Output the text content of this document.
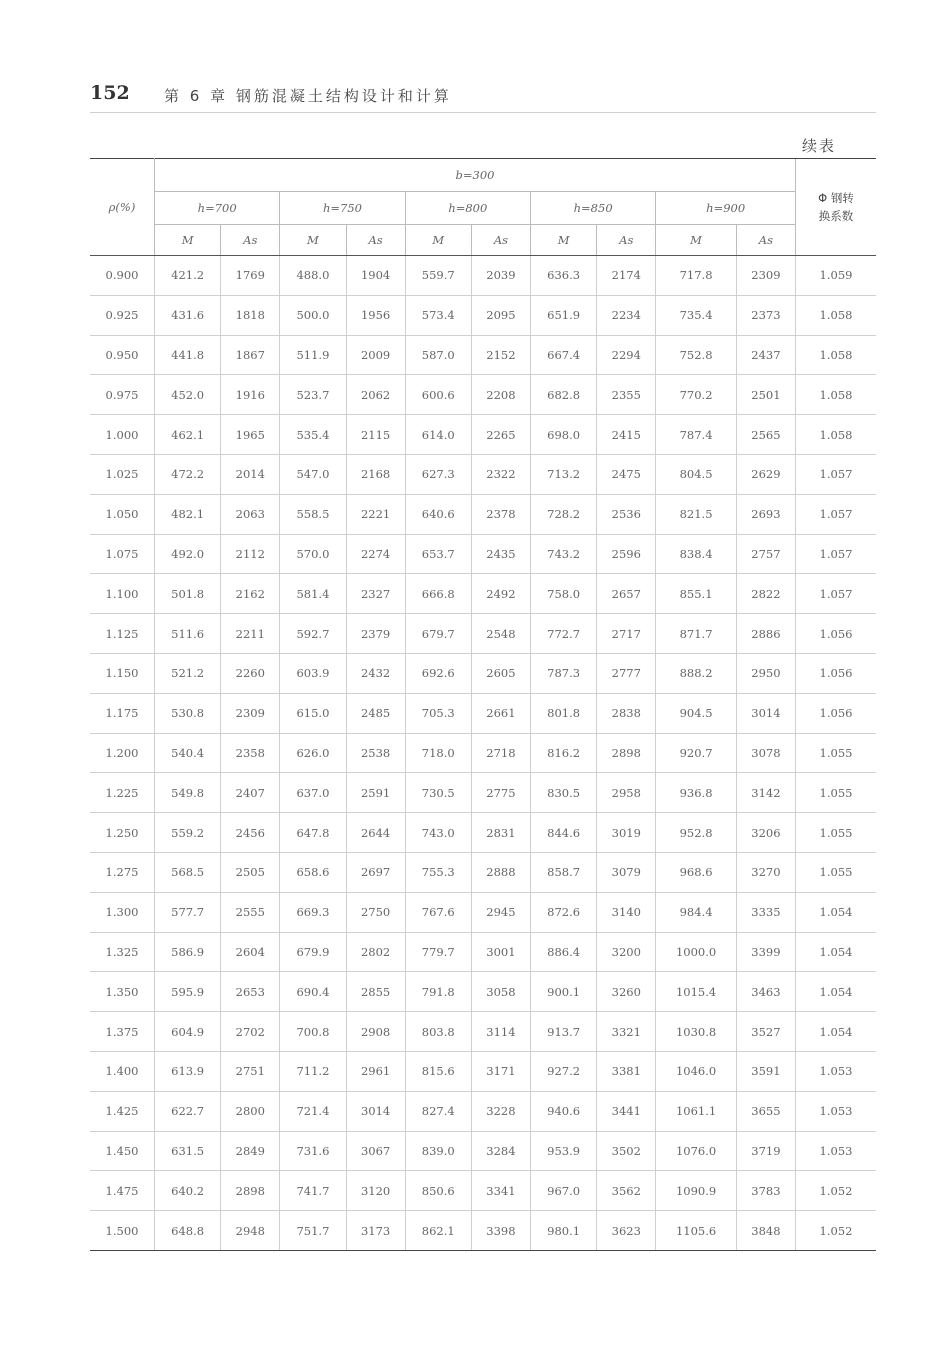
152 第 6 章 钢筋混凝土结构设计和计算
续表
ρ(%)	b=300										Φ 钢转
换系数

	h=700		h=750		h=800		h=850		h=900		
	M	As	M	As	M	As	M	As	M	As	
0.900	421.2	1769	488.0	1904	559.7	2039	636.3	2174	717.8	2309	1.059
0.925	431.6	1818	500.0	1956	573.4	2095	651.9	2234	735.4	2373	1.058
0.950	441.8	1867	511.9	2009	587.0	2152	667.4	2294	752.8	2437	1.058
0.975	452.0	1916	523.7	2062	600.6	2208	682.8	2355	770.2	2501	1.058
1.000	462.1	1965	535.4	2115	614.0	2265	698.0	2415	787.4	2565	1.058
1.025	472.2	2014	547.0	2168	627.3	2322	713.2	2475	804.5	2629	1.057
1.050	482.1	2063	558.5	2221	640.6	2378	728.2	2536	821.5	2693	1.057
1.075	492.0	2112	570.0	2274	653.7	2435	743.2	2596	838.4	2757	1.057
1.100	501.8	2162	581.4	2327	666.8	2492	758.0	2657	855.1	2822	1.057
1.125	511.6	2211	592.7	2379	679.7	2548	772.7	2717	871.7	2886	1.056
1.150	521.2	2260	603.9	2432	692.6	2605	787.3	2777	888.2	2950	1.056
1.175	530.8	2309	615.0	2485	705.3	2661	801.8	2838	904.5	3014	1.056
1.200	540.4	2358	626.0	2538	718.0	2718	816.2	2898	920.7	3078	1.055
1.225	549.8	2407	637.0	2591	730.5	2775	830.5	2958	936.8	3142	1.055
1.250	559.2	2456	647.8	2644	743.0	2831	844.6	3019	952.8	3206	1.055
1.275	568.5	2505	658.6	2697	755.3	2888	858.7	3079	968.6	3270	1.055
1.300	577.7	2555	669.3	2750	767.6	2945	872.6	3140	984.4	3335	1.054
1.325	586.9	2604	679.9	2802	779.7	3001	886.4	3200	1000.0	3399	1.054
1.350	595.9	2653	690.4	2855	791.8	3058	900.1	3260	1015.4	3463	1.054
1.375	604.9	2702	700.8	2908	803.8	3114	913.7	3321	1030.8	3527	1.054
1.400	613.9	2751	711.2	2961	815.6	3171	927.2	3381	1046.0	3591	1.053
1.425	622.7	2800	721.4	3014	827.4	3228	940.6	3441	1061.1	3655	1.053
1.450	631.5	2849	731.6	3067	839.0	3284	953.9	3502	1076.0	3719	1.053
1.475	640.2	2898	741.7	3120	850.6	3341	967.0	3562	1090.9	3783	1.052
1.500	648.8	2948	751.7	3173	862.1	3398	980.1	3623	1105.6	3848	1.052
